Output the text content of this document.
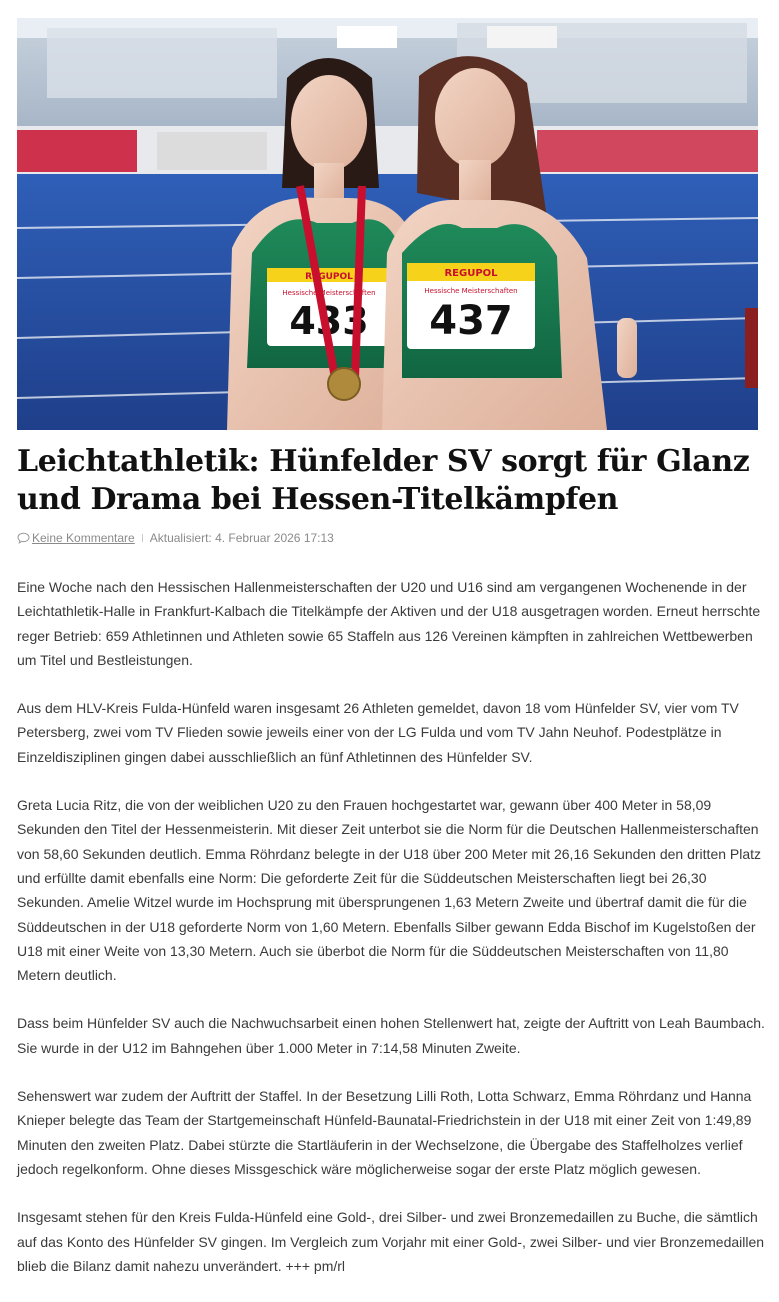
REGUPOL
Hessische Meisterschaften
433
REGUPOL
Hessische Meisterschaften
437
Leichtathletik: Hünfelder SV sorgt für Glanz und Drama bei Hessen-Titelkämpfen
Keine Kommentare Aktualisiert: 4. Februar 2026 17:13

Eine Woche nach den Hessischen Hallenmeisterschaften der U20 und U16 sind am vergangenen Wochenende in der Leichtathletik-Halle in Frankfurt-Kalbach die Titelkämpfe der Aktiven und der U18 ausgetragen worden. Erneut herrschte reger Betrieb: 659 Athletinnen und Athleten sowie 65 Staffeln aus 126 Vereinen kämpften in zahlreichen Wettbewerben um Titel und Bestleistungen.

Aus dem HLV-Kreis Fulda-Hünfeld waren insgesamt 26 Athleten gemeldet, davon 18 vom Hünfelder SV, vier vom TV Petersberg, zwei vom TV Flieden sowie jeweils einer von der LG Fulda und vom TV Jahn Neuhof. Podestplätze in Einzeldisziplinen gingen dabei ausschließlich an fünf Athletinnen des Hünfelder SV.

Greta Lucia Ritz, die von der weiblichen U20 zu den Frauen hochgestartet war, gewann über 400 Meter in 58,09 Sekunden den Titel der Hessenmeisterin. Mit dieser Zeit unterbot sie die Norm für die Deutschen Hallenmeisterschaften von 58,60 Sekunden deutlich. Emma Röhrdanz belegte in der U18 über 200 Meter mit 26,16 Sekunden den dritten Platz und erfüllte damit ebenfalls eine Norm: Die geforderte Zeit für die Süddeutschen Meisterschaften liegt bei 26,30 Sekunden. Amelie Witzel wurde im Hochsprung mit übersprungenen 1,63 Metern Zweite und übertraf damit die für die Süddeutschen in der U18 geforderte Norm von 1,60 Metern. Ebenfalls Silber gewann Edda Bischof im Kugelstoßen der U18 mit einer Weite von 13,30 Metern. Auch sie überbot die Norm für die Süddeutschen Meisterschaften von 11,80 Metern deutlich.

Dass beim Hünfelder SV auch die Nachwuchsarbeit einen hohen Stellenwert hat, zeigte der Auftritt von Leah Baumbach. Sie wurde in der U12 im Bahngehen über 1.000 Meter in 7:14,58 Minuten Zweite.

Sehenswert war zudem der Auftritt der Staffel. In der Besetzung Lilli Roth, Lotta Schwarz, Emma Röhrdanz und Hanna Knieper belegte das Team der Startgemeinschaft Hünfeld-Baunatal-Friedrichstein in der U18 mit einer Zeit von 1:49,89 Minuten den zweiten Platz. Dabei stürzte die Startläuferin in der Wechselzone, die Übergabe des Staffelholzes verlief jedoch regelkonform. Ohne dieses Missgeschick wäre möglicherweise sogar der erste Platz möglich gewesen.

Insgesamt stehen für den Kreis Fulda-Hünfeld eine Gold-, drei Silber- und zwei Bronzemedaillen zu Buche, die sämtlich auf das Konto des Hünfelder SV gingen. Im Vergleich zum Vorjahr mit einer Gold-, zwei Silber- und vier Bronzemedaillen blieb die Bilanz damit nahezu unverändert. +++ pm/rl
